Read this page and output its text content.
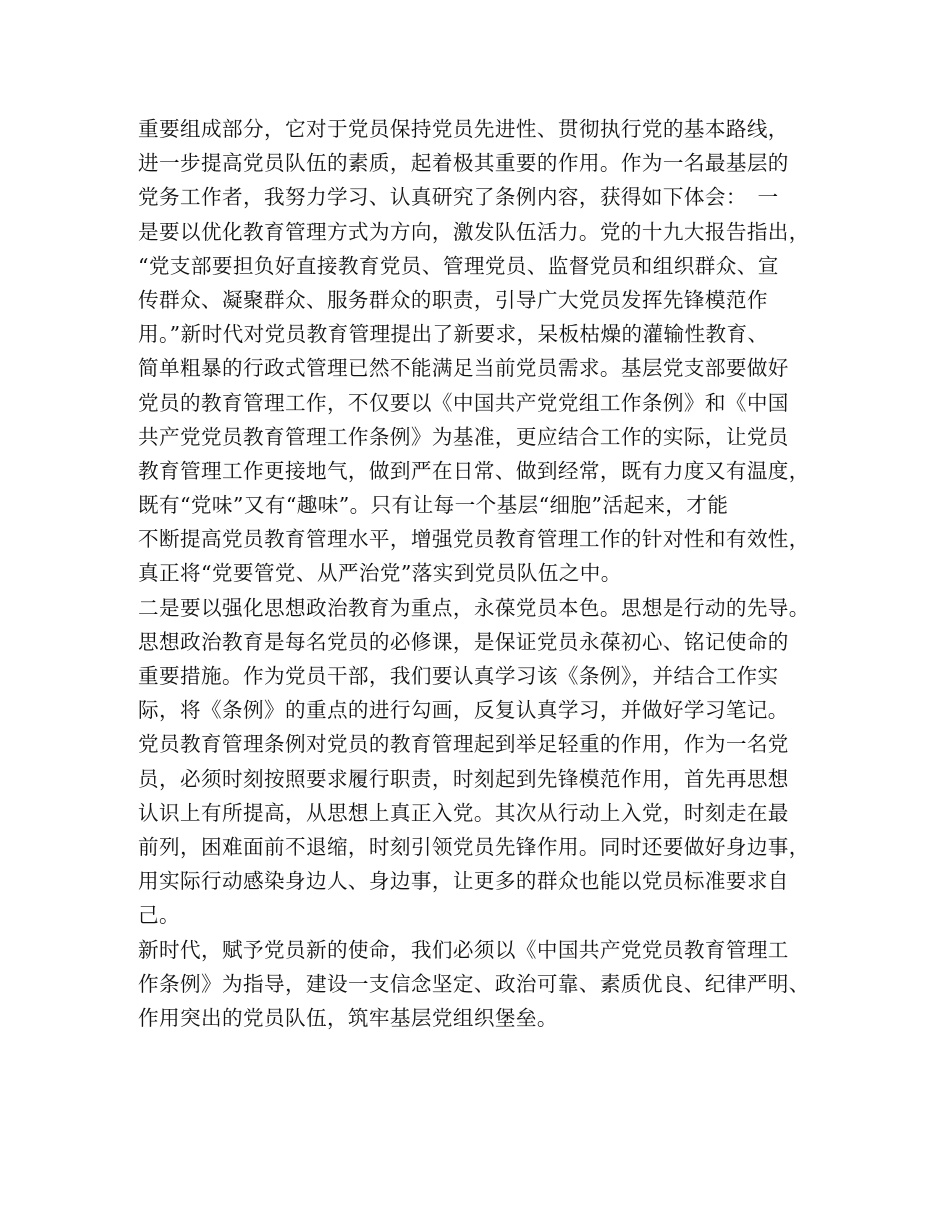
重要组成部分，它对于党员保持党员先进性、贯彻执行党的基本路线，
进一步提高党员队伍的素质，起着极其重要的作用。作为一名最基层的
党务工作者，我努力学习、认真研究了条例内容，获得如下体会：　一
是要以优化教育管理方式为方向，激发队伍活力。党的十九大报告指出，
“党支部要担负好直接教育党员、管理党员、监督党员和组织群众、宣
传群众、凝聚群众、服务群众的职责，引导广大党员发挥先锋模范作
用。”新时代对党员教育管理提出了新要求，呆板枯燥的灌输性教育、
简单粗暴的行政式管理已然不能满足当前党员需求。基层党支部要做好
党员的教育管理工作，不仅要以《中国共产党党组工作条例》和《中国
共产党党员教育管理工作条例》为基准，更应结合工作的实际，让党员
教育管理工作更接地气，做到严在日常、做到经常，既有力度又有温度，
既有“党味”又有“趣味”。只有让每一个基层“细胞”活起来，才能
不断提高党员教育管理水平，增强党员教育管理工作的针对性和有效性，
真正将“党要管党、从严治党”落实到党员队伍之中。
二是要以强化思想政治教育为重点，永葆党员本色。思想是行动的先导。
思想政治教育是每名党员的必修课，是保证党员永葆初心、铭记使命的
重要措施。作为党员干部，我们要认真学习该《条例》，并结合工作实
际，将《条例》的重点的进行勾画，反复认真学习，并做好学习笔记。
党员教育管理条例对党员的教育管理起到举足轻重的作用，作为一名党
员，必须时刻按照要求履行职责，时刻起到先锋模范作用，首先再思想
认识上有所提高，从思想上真正入党。其次从行动上入党，时刻走在最
前列，困难面前不退缩，时刻引领党员先锋作用。同时还要做好身边事，
用实际行动感染身边人、身边事，让更多的群众也能以党员标准要求自
己。
新时代，赋予党员新的使命，我们必须以《中国共产党党员教育管理工
作条例》为指导，建设一支信念坚定、政治可靠、素质优良、纪律严明、
作用突出的党员队伍，筑牢基层党组织堡垒。
